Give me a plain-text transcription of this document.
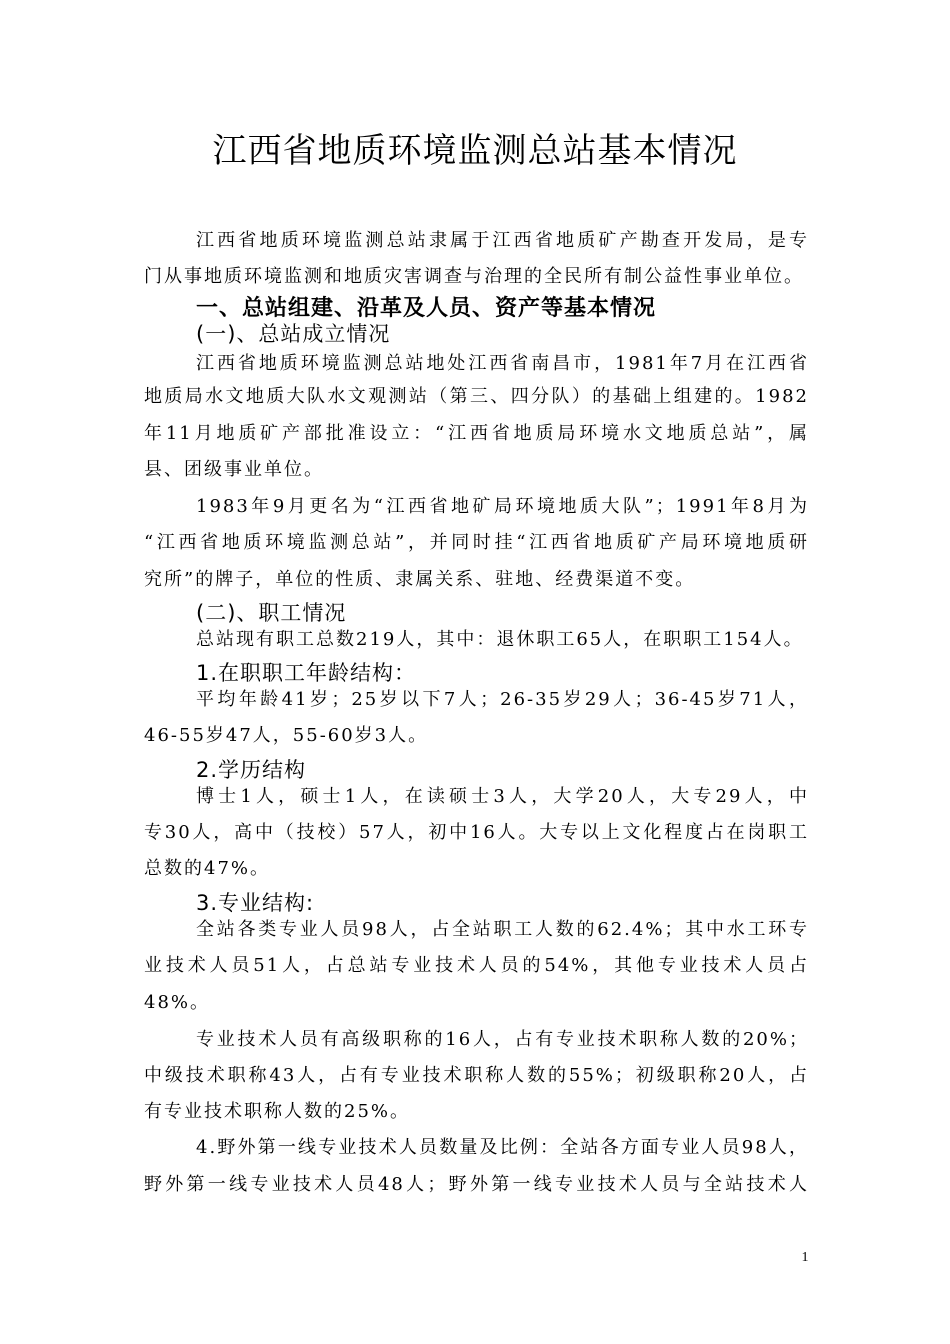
江西省地质环境监测总站基本情况

江西省地质环境监测总站隶属于江西省地质矿产勘查开发局，是专

门从事地质环境监测和地质灾害调查与治理的全民所有制公益性事业单位。

一、总站组建、沿革及人员、资产等基本情况
(一)、总站成立情况

江西省地质环境监测总站地处江西省南昌市，1981年7月在江西省

地质局水文地质大队水文观测站（第三、四分队）的基础上组建的。1982

年11月地质矿产部批准设立：“江西省地质局环境水文地质总站”，属

县、团级事业单位。

1983年9月更名为“江西省地矿局环境地质大队”；1991年8月为

“江西省地质环境监测总站”，并同时挂“江西省地质矿产局环境地质研

究所”的牌子，单位的性质、隶属关系、驻地、经费渠道不变。

(二)、职工情况

总站现有职工总数219人，其中：退休职工65人，在职职工154人。

1.在职职工年龄结构：

平均年龄41岁；25岁以下7人；26-35岁29人；36-45岁71人，

46-55岁47人，55-60岁3人。

2.学历结构

博士1人，硕士1人，在读硕士3人，大学20人，大专29人，中

专30人，高中（技校）57人，初中16人。大专以上文化程度占在岗职工

总数的47%。

3.专业结构:

全站各类专业人员98人，占全站职工人数的62.4%；其中水工环专

业技术人员51人，占总站专业技术人员的54%，其他专业技术人员占

48%。

专业技术人员有高级职称的16人，占有专业技术职称人数的20%；

中级技术职称43人，占有专业技术职称人数的55%；初级职称20人，占

有专业技术职称人数的25%。

4.野外第一线专业技术人员数量及比例：全站各方面专业人员98人，

野外第一线专业技术人员48人；野外第一线专业技术人员与全站技术人

1
